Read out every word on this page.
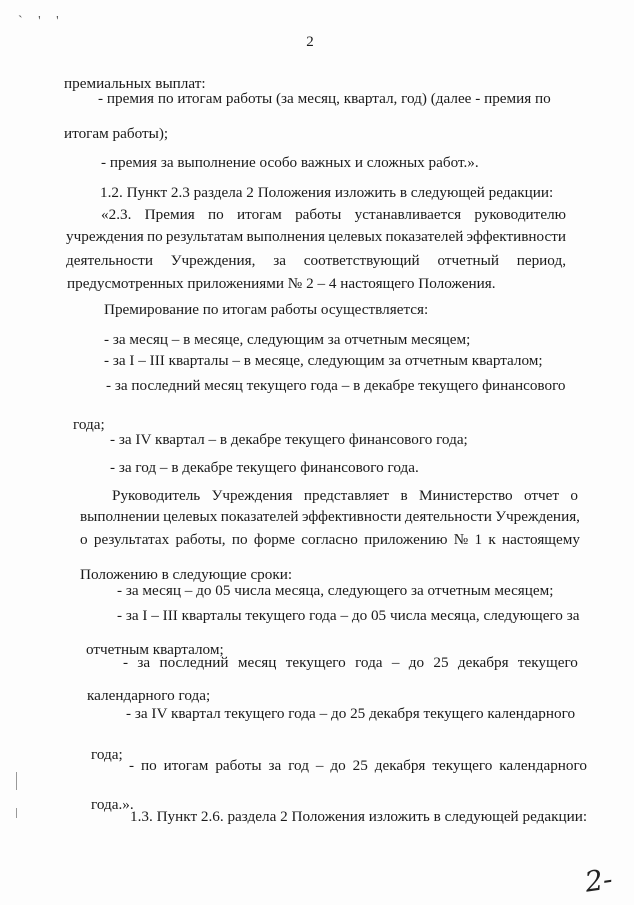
` ' '
2
премиальных выплат:
- премия по итогам работы (за месяц, квартал, год) (далее - премия по
итогам работы);
- премия за выполнение особо важных и сложных работ.».
1.2. Пункт 2.3 раздела 2 Положения изложить в следующей редакции:
«2.3. Премия по итогам работы устанавливается руководителю
учреждения по результатам выполнения целевых показателей эффективности
деятельности Учреждения, за соответствующий отчетный период,
предусмотренных приложениями № 2 – 4 настоящего Положения.
Премирование по итогам работы осуществляется:
- за месяц – в месяце, следующим за отчетным месяцем;
- за I – III кварталы – в месяце, следующим за отчетным кварталом;
- за последний месяц текущего года – в декабре текущего финансового
года;
- за IV квартал – в декабре текущего финансового года;
- за год – в декабре текущего финансового года.
Руководитель Учреждения представляет в Министерство отчет о
выполнении целевых показателей эффективности деятельности Учреждения,
о результатах работы, по форме согласно приложению № 1 к настоящему
Положению в следующие сроки:
- за месяц – до 05 числа месяца, следующего за отчетным месяцем;
- за I – III кварталы текущего года – до 05 числа месяца, следующего за
отчетным кварталом;
- за последний месяц текущего года – до 25 декабря текущего
календарного года;
- за IV квартал текущего года – до 25 декабря текущего календарного
года;
- по итогам работы за год – до 25 декабря текущего календарного
года.».
1.3. Пункт 2.6. раздела 2 Положения изложить в следующей редакции:
2-
